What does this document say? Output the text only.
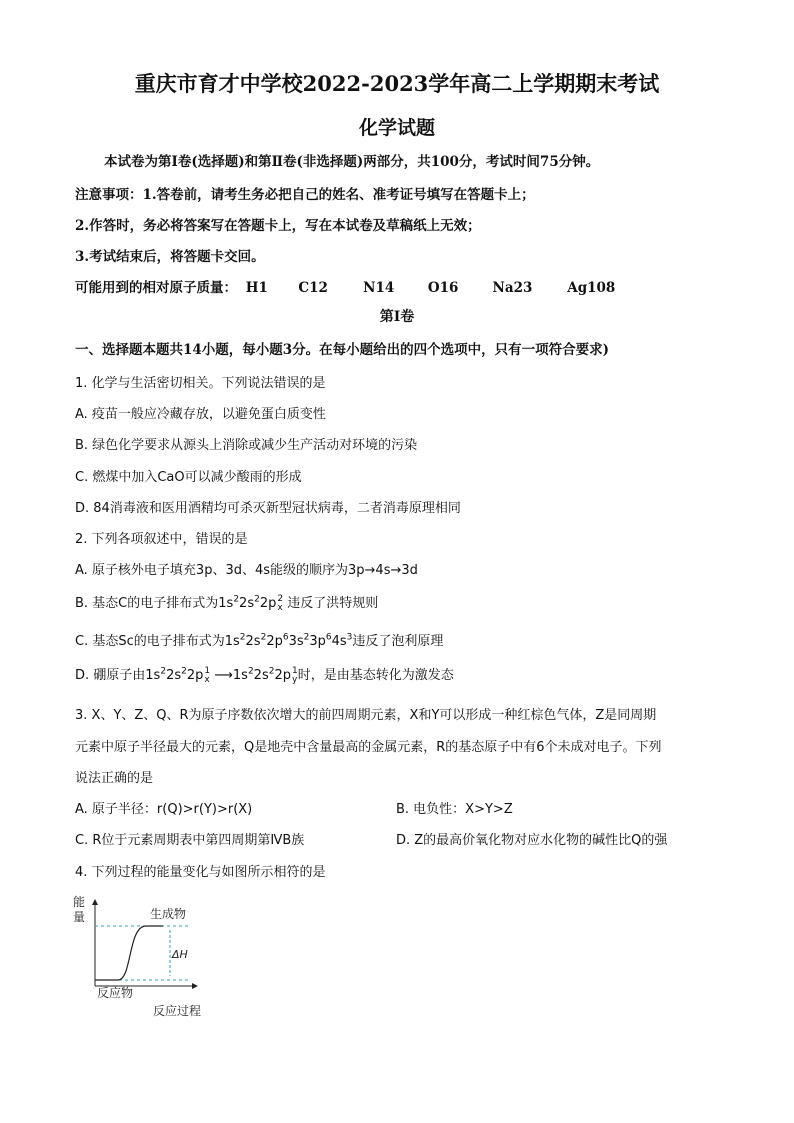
重庆市育才中学校2022-2023学年高二上学期期末考试
化学试题
本试卷为第Ⅰ卷(选择题)和第Ⅱ卷(非选择题)两部分，共100分，考试时间75分钟。
注意事项：1.答卷前，请考生务必把自己的姓名、准考证号填写在答题卡上；
2.作答时，务必将答案写在答题卡上，写在本试卷及草稿纸上无效；
3.考试结束后，将答题卡交回。
可能用到的相对原子质量： H1 C12	N14 O16	Na23	Ag108
第Ⅰ卷
一、选择题本题共14小题，每小题3分。在每小题给出的四个选项中，只有一项符合要求)
1. 化学与生活密切相关。下列说法错误的是
A. 疫苗一般应冷藏存放，以避免蛋白质变性
B. 绿色化学要求从源头上消除或减少生产活动对环境的污染
C. 燃煤中加入CaO可以减少酸雨的形成
D. 84消毒液和医用酒精均可杀灭新型冠状病毒，二者消毒原理相同
2. 下列各项叙述中，错误的是
A. 原子核外电子填充3p、3d、4s能级的顺序为3p→4s→3d
B. 基态C的电子排布式为$1s^22s^22p$ 2
x 违反了洪特规则
C. 基态Sc的电子排布式为$1s^22s^22p^63s^23p^64s^3$违反了泡利原理
D. 硼原子由$1s^22s^22p$ 1
x $⟶1s^22s^22p$ 1
y 时，是由基态转化为激发态
3. X、Y、Z、Q、R为原子序数依次增大的前四周期元素，X和Y可以形成一种红棕色气体，Z是同周期
元素中原子半径最大的元素，Q是地壳中含量最高的金属元素，R的基态原子中有6个未成对电子。下列
说法正确的是
A. 原子半径：r(Q)>r(Y)>r(X)	B. 电负性：X>Y>Z
C. R位于元素周期表中第四周期第ⅣB族	D. Z的最高价氧化物对应水化物的碱性比Q的强
4. 下列过程的能量变化与如图所示相符的是
能
量	生成物
反应物
ΔH
反应过程
